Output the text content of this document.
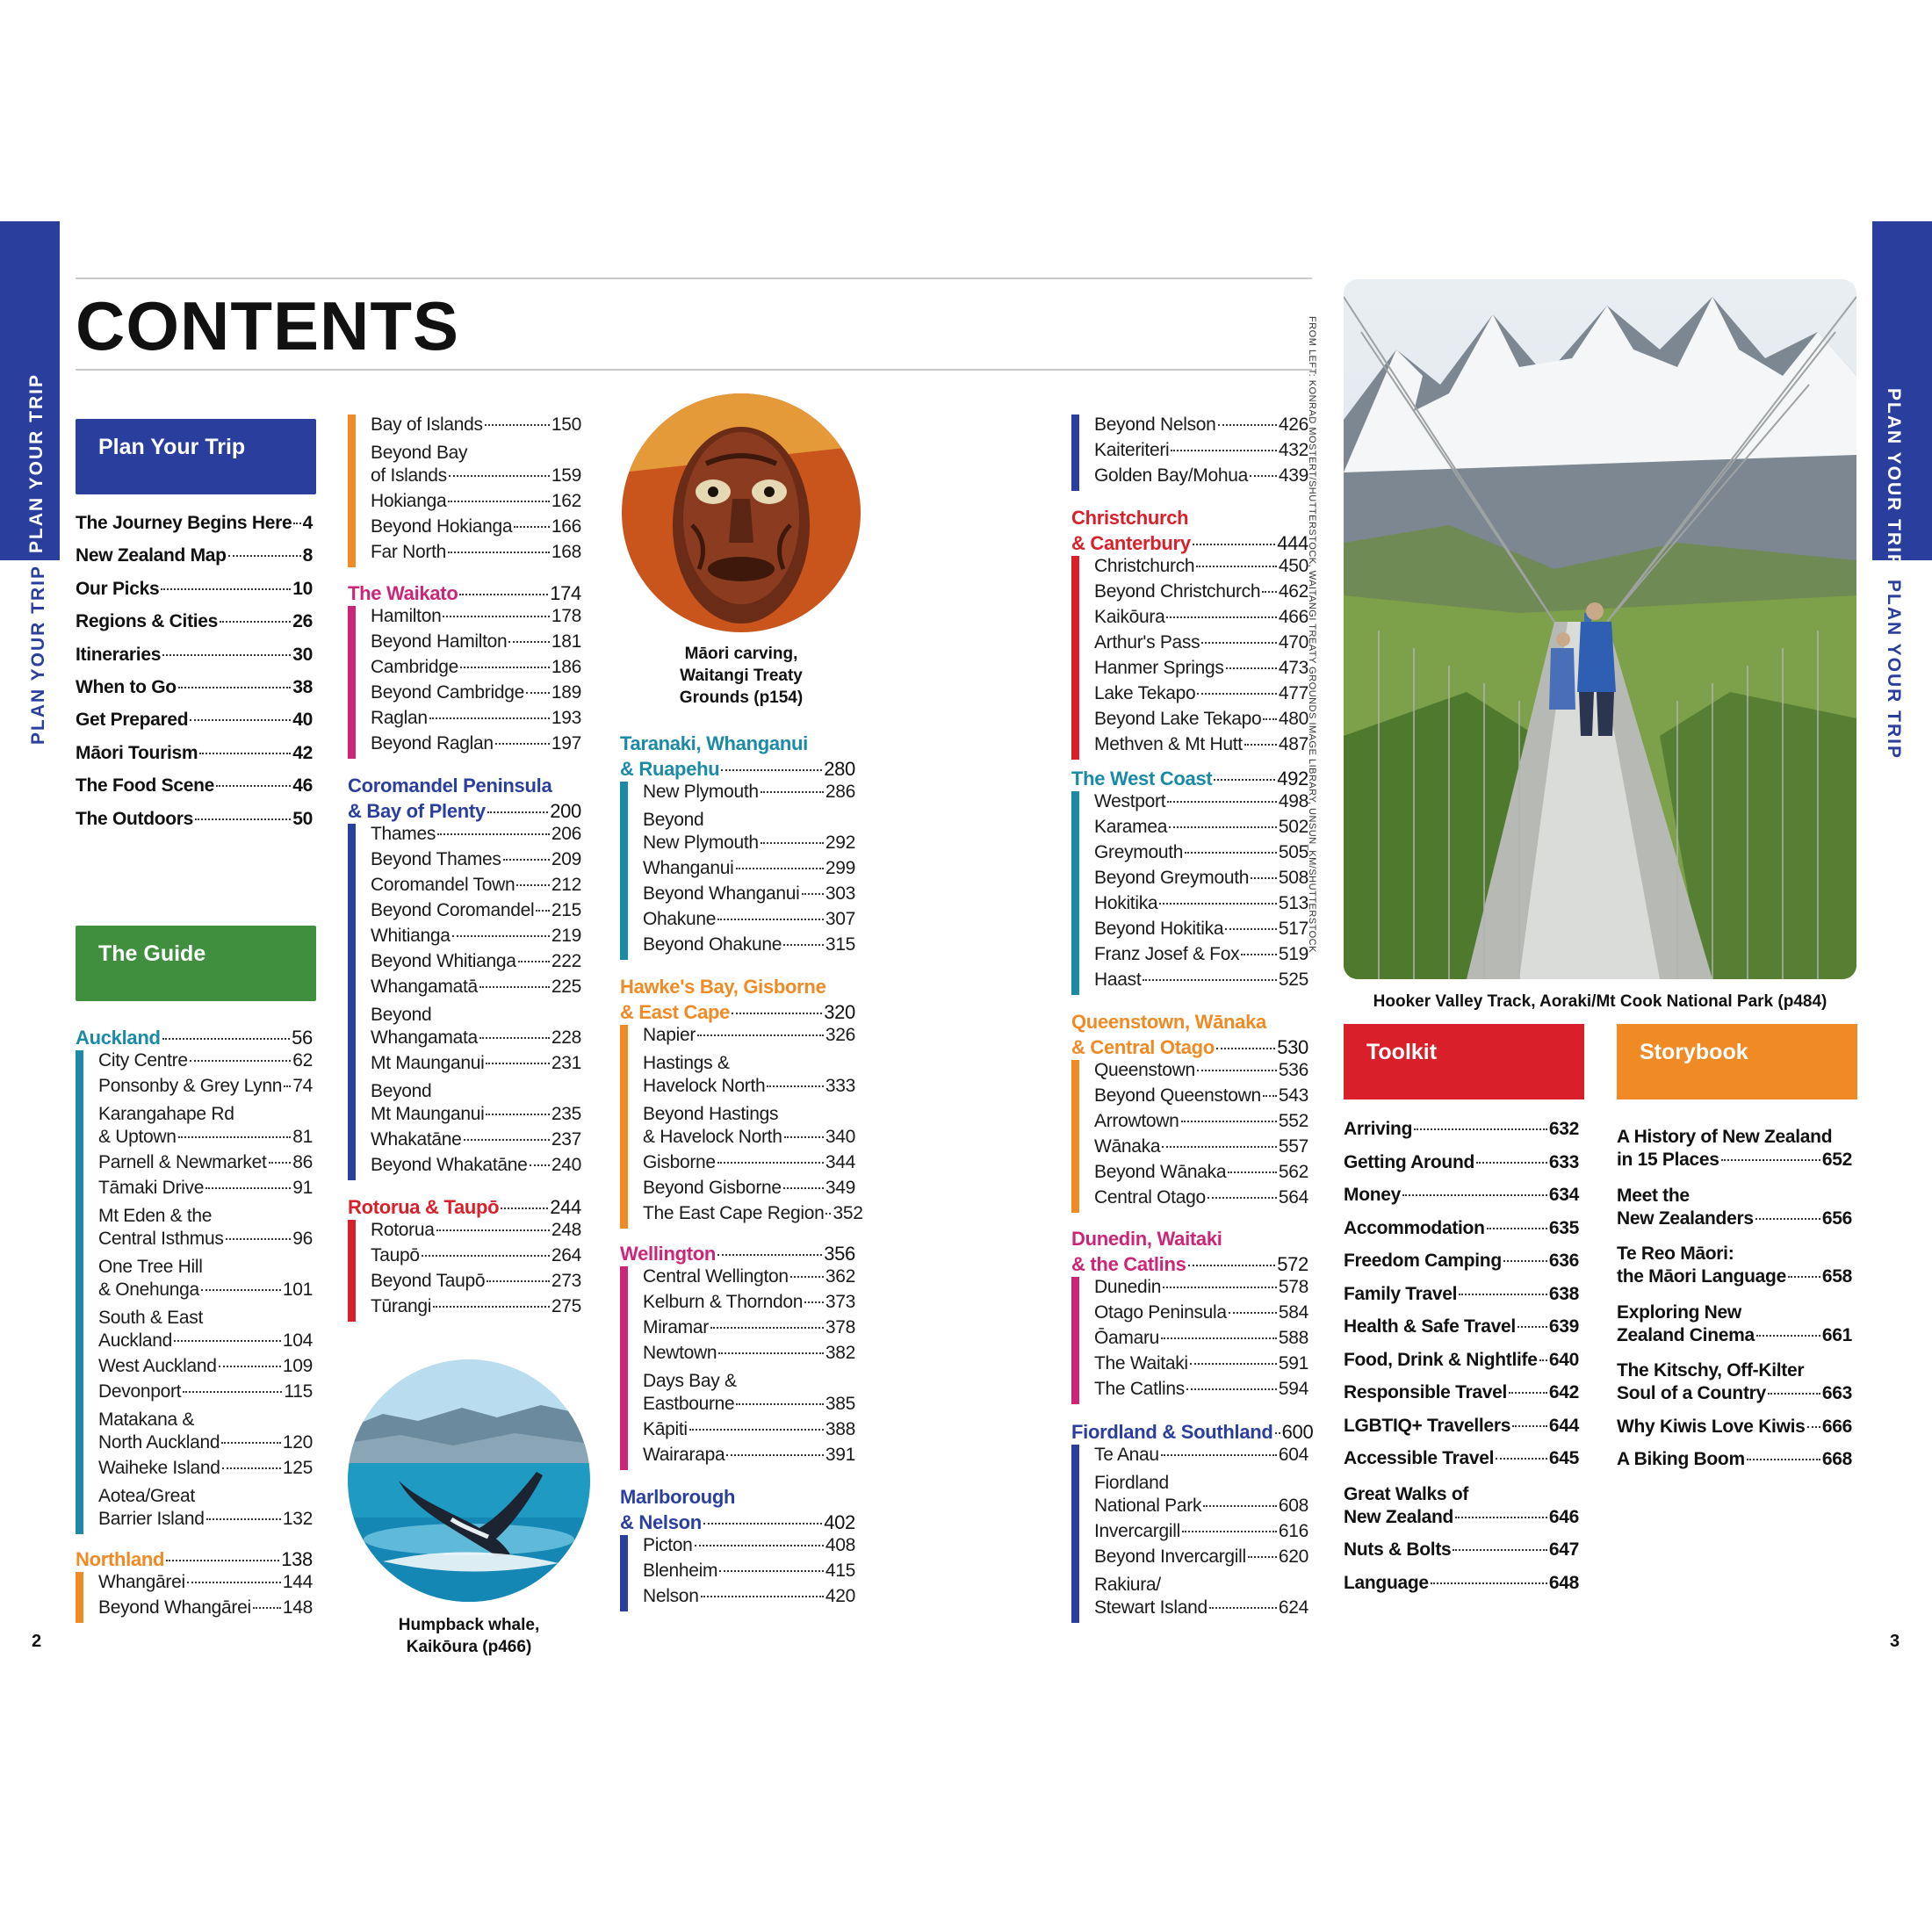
PLAN YOUR TRIP
PLAN YOUR TRIP
PLAN YOUR TRIP
PLAN YOUR TRIP
CONTENTS
Plan Your Trip
The Journey Begins Here 4
New Zealand Map	8
Our Picks	10
Regions & Cities	26
Itineraries	30
When to Go	38
Get Prepared	40
Māori Tourism	42
The Food Scene	46
The Outdoors	50
The Guide
Auckland	56
City Centre	62
Ponsonby & Grey Lynn 74
Karangahape Rd
& Uptown	81
Parnell & Newmarket 86
Tāmaki Drive	91
Mt Eden & the
Central Isthmus	96
One Tree Hill
& Onehunga	101
South & East
Auckland	104
West Auckland	109
Devonport	115
Matakana &
North Auckland	120
Waiheke Island	125
Aotea/Great
Barrier Island	132
Northland	138
Whangārei	144
Beyond Whangārei 148
Bay of Islands	150
Beyond Bay
of Islands	159
Hokianga	162
Beyond Hokianga 166
Far North	168
The Waikato	174
Hamilton	178
Beyond Hamilton 181
Cambridge	186
Beyond Cambridge 189
Raglan	193
Beyond Raglan	197
Coromandel Peninsula
& Bay of Plenty	200
Thames	206
Beyond Thames	209
Coromandel Town 212
Beyond Coromandel 215
Whitianga	219
Beyond Whitianga 222
Whangamatā	225
Beyond
Whangamata	228
Mt Maunganui	231
Beyond
Mt Maunganui	235
Whakatāne	237
Beyond Whakatāne 240
Rotorua & Taupō	244
Rotorua	248
Taupō	264
Beyond Taupō	273
Tūrangi	275
Humpback whale,
Kaikōura (p466)
Māori carving,
Waitangi Treaty
Grounds (p154)
Taranaki, Whanganui
& Ruapehu	280
New Plymouth	286
Beyond
New Plymouth	292
Whanganui	299
Beyond Whanganui 303
Ohakune	307
Beyond Ohakune 315
Hawke's Bay, Gisborne
& East Cape	320
Napier	326
Hastings &
Havelock North	333
Beyond Hastings
& Havelock North 340
Gisborne	344
Beyond Gisborne 349
The East Cape Region 352
Wellington	356
Central Wellington 362
Kelburn & Thorndon 373
Miramar	378
Newtown	382
Days Bay &
Eastbourne	385
Kāpiti	388
Wairarapa	391
Marlborough
& Nelson	402
Picton	408
Blenheim	415
Nelson	420
Beyond Nelson	426
Kaiteriteri	432
Golden Bay/Mohua 439
Christchurch
& Canterbury	444
Christchurch	450
Beyond Christchurch 462
Kaikōura	466
Arthur's Pass	470
Hanmer Springs	473
Lake Tekapo	477
Beyond Lake Tekapo 480
Methven & Mt Hutt 487
The West Coast	492
Westport	498
Karamea	502
Greymouth	505
Beyond Greymouth 508
Hokitika	513
Beyond Hokitika	517
Franz Josef & Fox 519
Haast	525
Queenstown, Wānaka
& Central Otago	530
Queenstown	536
Beyond Queenstown 543
Arrowtown	552
Wānaka	557
Beyond Wānaka	562
Central Otago	564
Dunedin, Waitaki
& the Catlins	572
Dunedin	578
Otago Peninsula	584
Ōamaru	588
The Waitaki	591
The Catlins	594
Fiordland & Southland 600
Te Anau	604
Fiordland
National Park	608
Invercargill	616
Beyond Invercargill 620
Rakiura/
Stewart Island	624
FROM LEFT: KONRAD MOSTERT/SHUTTERSTOCK, WAITANGI TREATY GROUNDS IMAGE LIBRARY, UNSUN_KM/SHUTTERSTOCK
Hooker Valley Track, Aoraki/Mt Cook National Park (p484)
Toolkit
Arriving	632
Getting Around	633
Money	634
Accommodation	635
Freedom Camping	636
Family Travel	638
Health & Safe Travel 639
Food, Drink & Nightlife 640
Responsible Travel 642
LGBTIQ+ Travellers 644
Accessible Travel	645
Great Walks of
New Zealand	646
Nuts & Bolts	647
Language	648
Storybook
A History of New Zealand
in 15 Places	652
Meet the
New Zealanders	656
Te Reo Māori:
the Māori Language 658
Exploring New
Zealand Cinema	661
The Kitschy, Off-Kilter
Soul of a Country	663
Why Kiwis Love Kiwis 666
A Biking Boom	668
2	3
